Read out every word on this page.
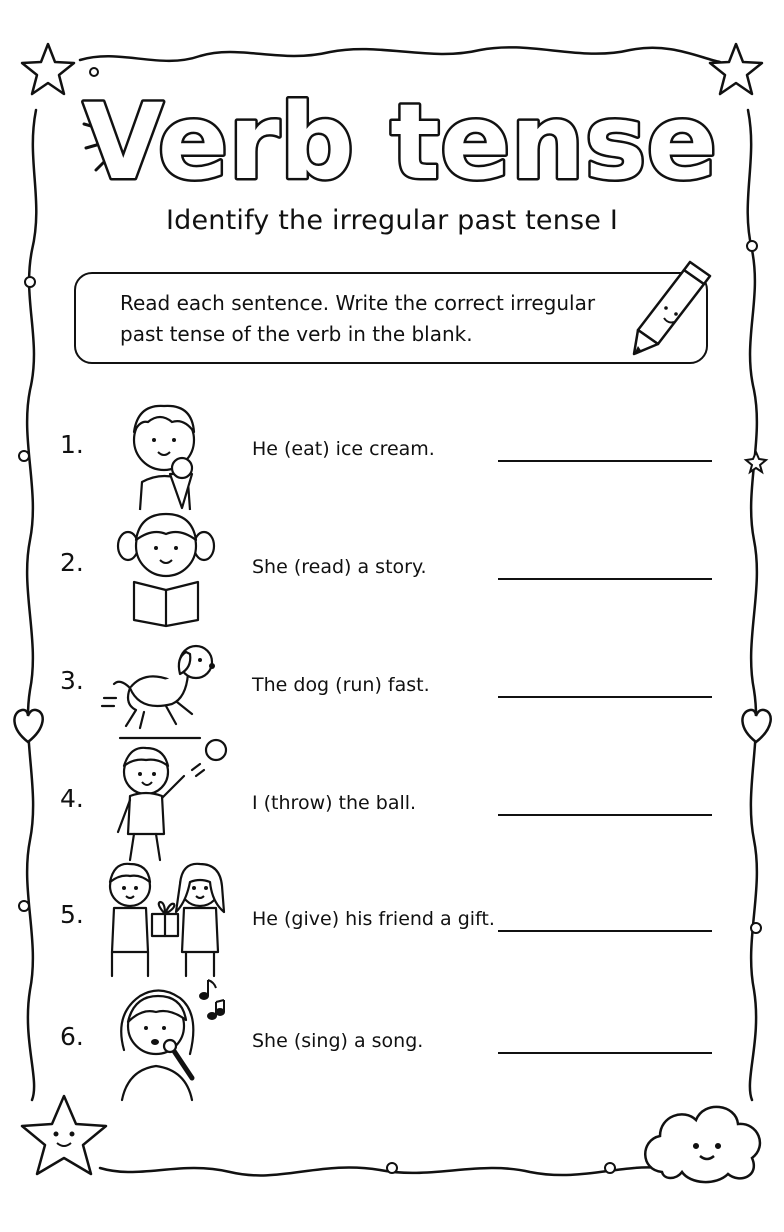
Verb tense
Identify the irregular past tense I
Read each sentence. Write the correct irregular past tense of the verb in the blank.
1.	He (eat) ice cream.
2.	She (read) a story.
3.	The dog (run) fast.
4.	I (throw) the ball.
5.	He (give) his friend a gift.
6.	She (sing) a song.
